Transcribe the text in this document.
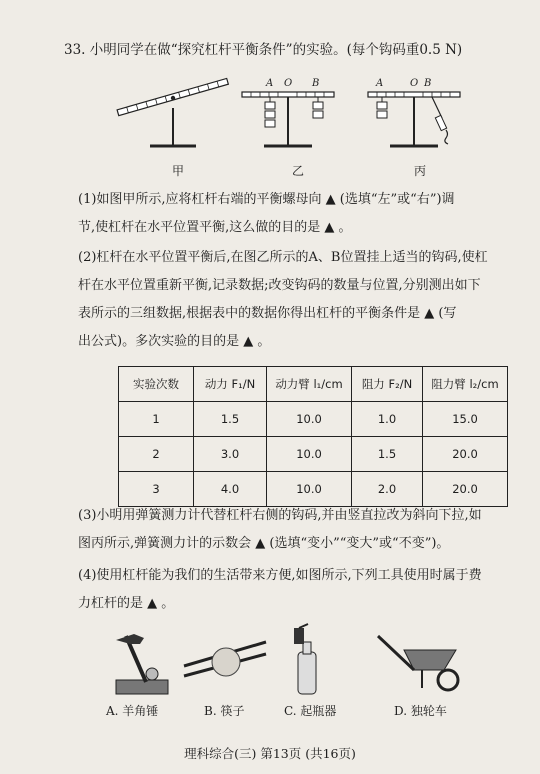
33. 小明同学在做“探究杠杆平衡条件”的实验。(每个钩码重0.5 N)
A O B	A	O B
甲	乙	丙
(1)如图甲所示,应将杠杆右端的平衡螺母向 ▲ (选填“左”或“右”)调
节,使杠杆在水平位置平衡,这么做的目的是 ▲ 。
(2)杠杆在水平位置平衡后,在图乙所示的A、B位置挂上适当的钩码,使杠
杆在水平位置重新平衡,记录数据;改变钩码的数量与位置,分别测出如下
表所示的三组数据,根据表中的数据你得出杠杆的平衡条件是 ▲ (写
出公式)。多次实验的目的是 ▲ 。
实验次数	动力 F₁/N	动力臂 l₁/cm	阻力 F₂/N	阻力臂 l₂/cm
1	1.5	10.0	1.0	15.0
2	3.0	10.0	1.5	20.0
3	4.0	10.0	2.0	20.0
(3)小明用弹簧测力计代替杠杆右侧的钩码,并由竖直拉改为斜向下拉,如
图丙所示,弹簧测力计的示数会 ▲ (选填“变小”“变大”或“不变”)。
(4)使用杠杆能为我们的生活带来方便,如图所示,下列工具使用时属于费
力杠杆的是 ▲ 。
A. 羊角锤	B. 筷子	C. 起瓶器	D. 独轮车
理科综合(三) 第13页 (共16页)
